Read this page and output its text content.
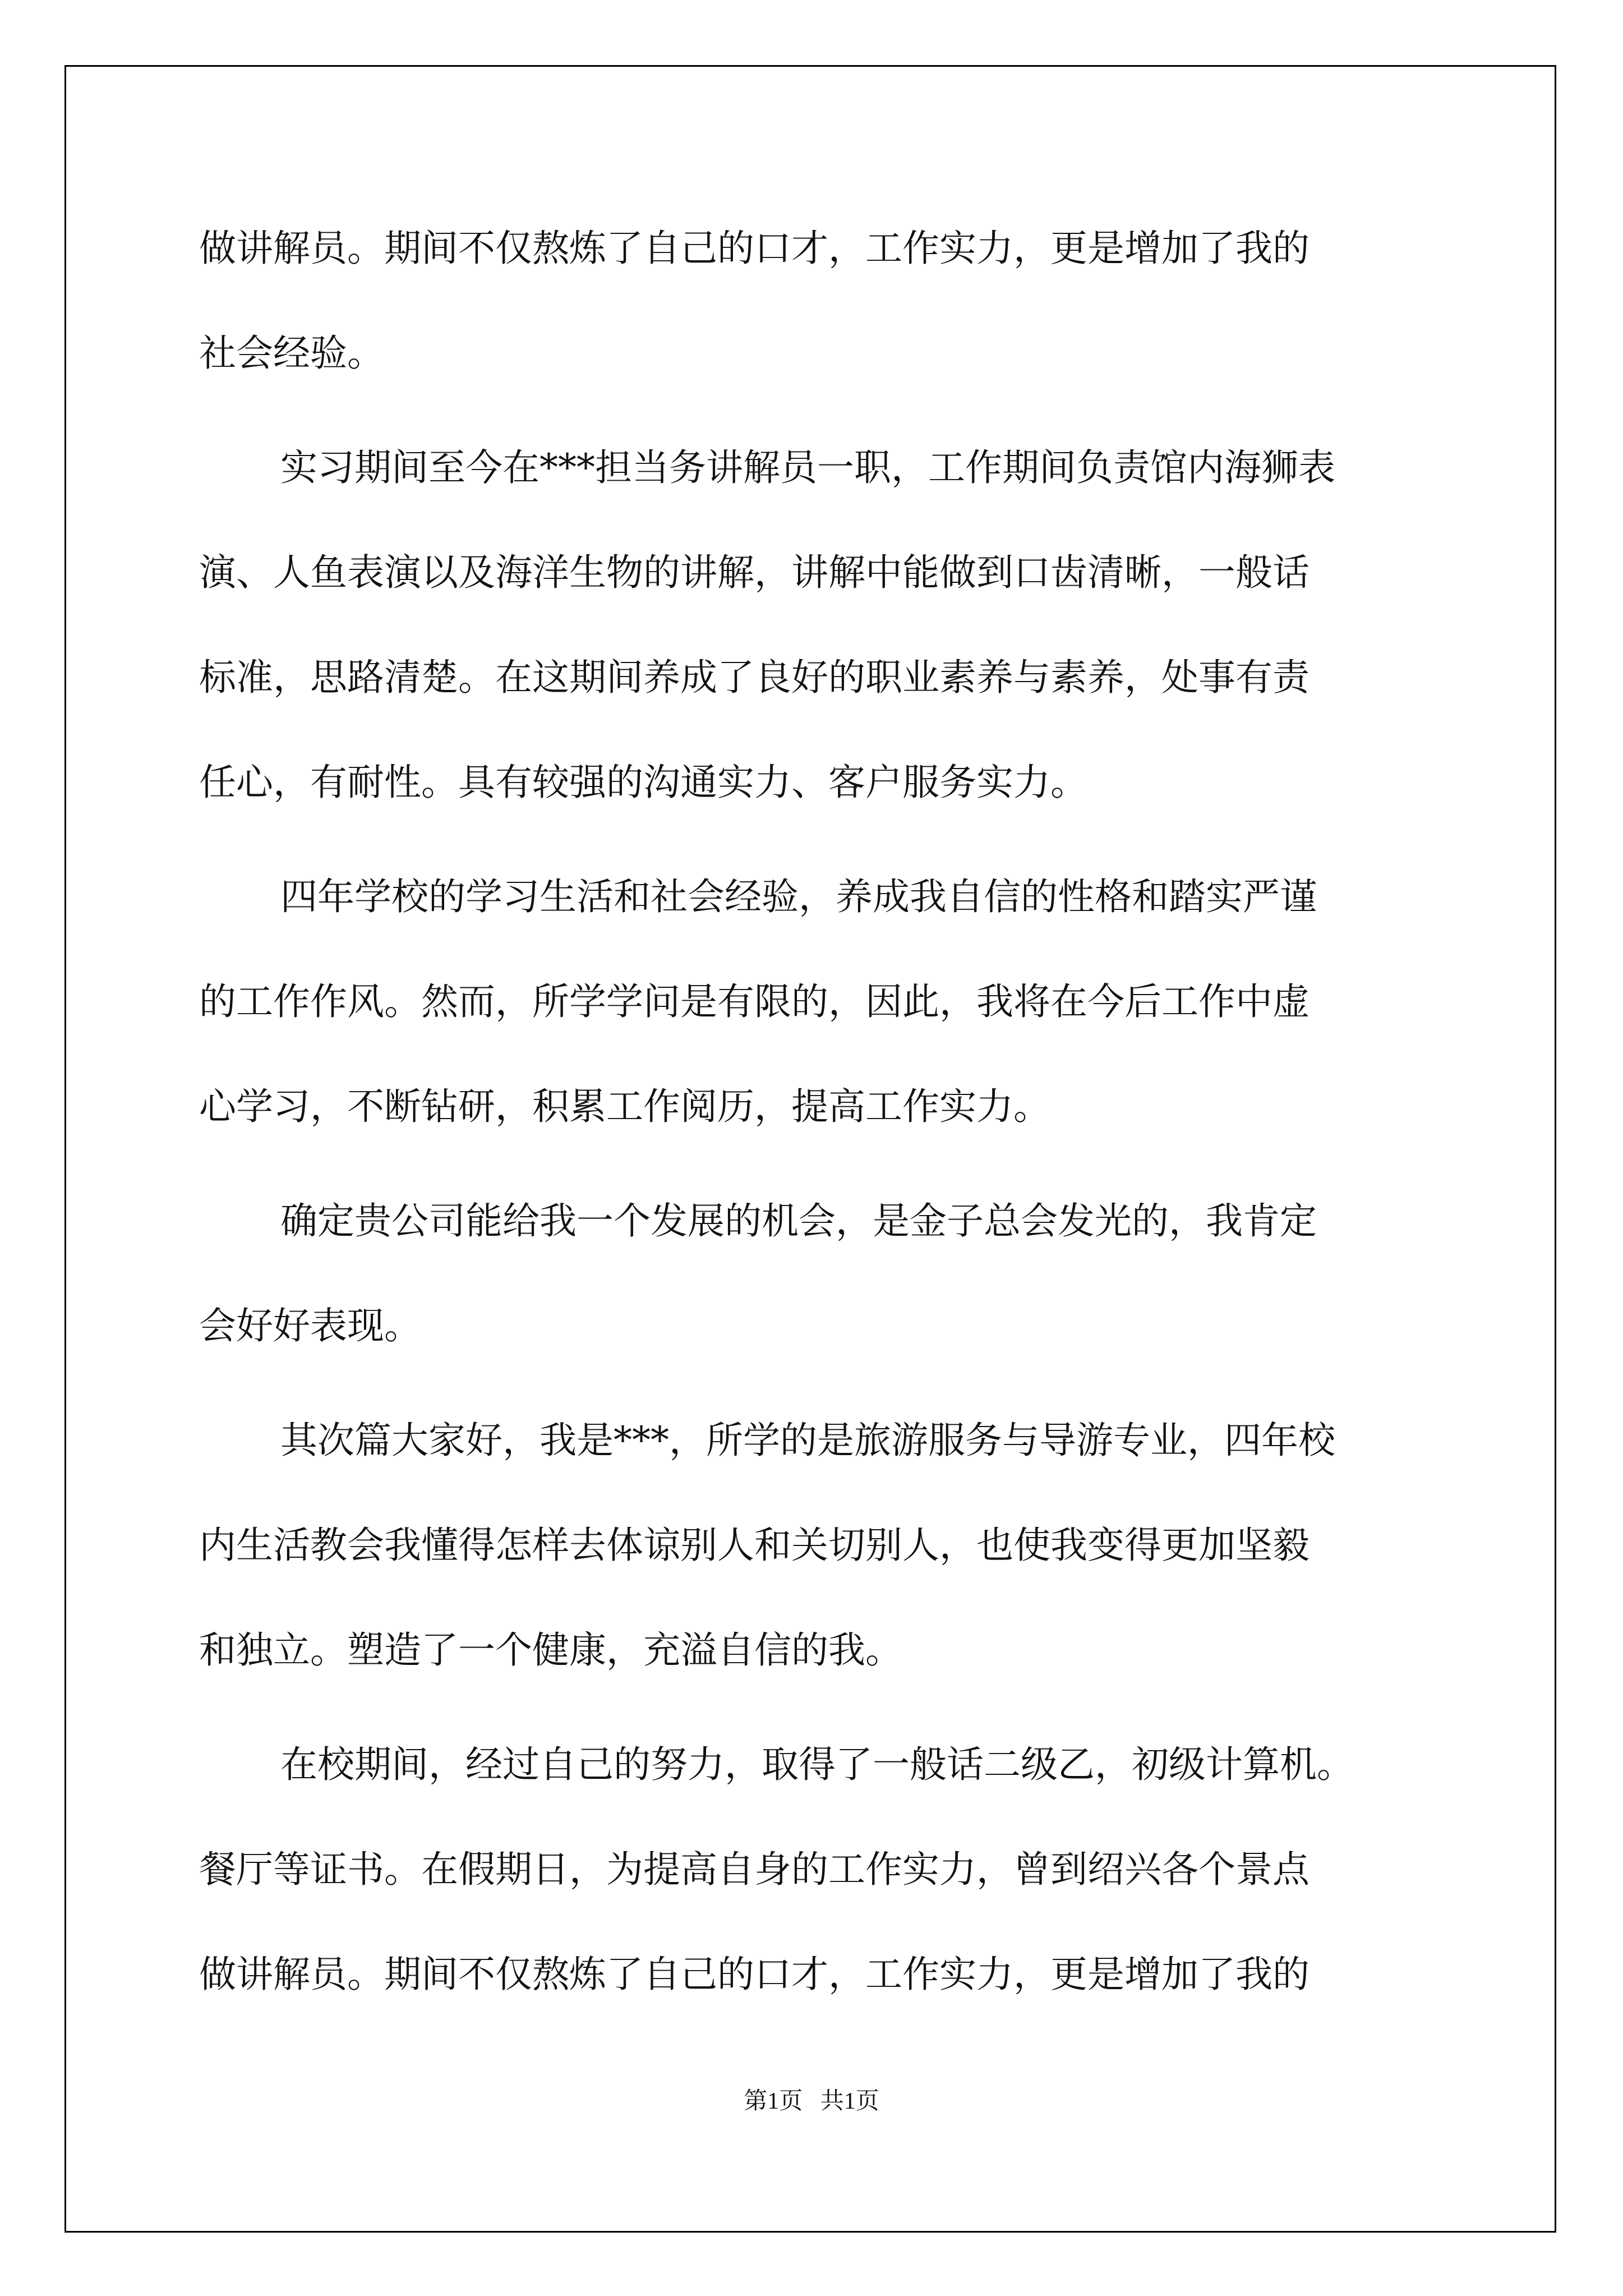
做讲解员。期间不仅熬炼了自己的口才，工作实力，更是增加了我的

社会经验。

实习期间至今在***担当务讲解员一职，工作期间负责馆内海狮表

演、人鱼表演以及海洋生物的讲解，讲解中能做到口齿清晰，一般话

标准，思路清楚。在这期间养成了良好的职业素养与素养，处事有责

任心，有耐性。具有较强的沟通实力、客户服务实力。

四年学校的学习生活和社会经验，养成我自信的性格和踏实严谨

的工作作风。然而，所学学问是有限的，因此，我将在今后工作中虚

心学习，不断钻研，积累工作阅历，提高工作实力。

确定贵公司能给我一个发展的机会，是金子总会发光的，我肯定

会好好表现。

其次篇大家好，我是***，所学的是旅游服务与导游专业，四年校

内生活教会我懂得怎样去体谅别人和关切别人，也使我变得更加坚毅

和独立。塑造了一个健康，充溢自信的我。

在校期间，经过自己的努力，取得了一般话二级乙，初级计算机。

餐厅等证书。在假期日，为提高自身的工作实力，曾到绍兴各个景点

做讲解员。期间不仅熬炼了自己的口才，工作实力，更是增加了我的

第1页   共1页
